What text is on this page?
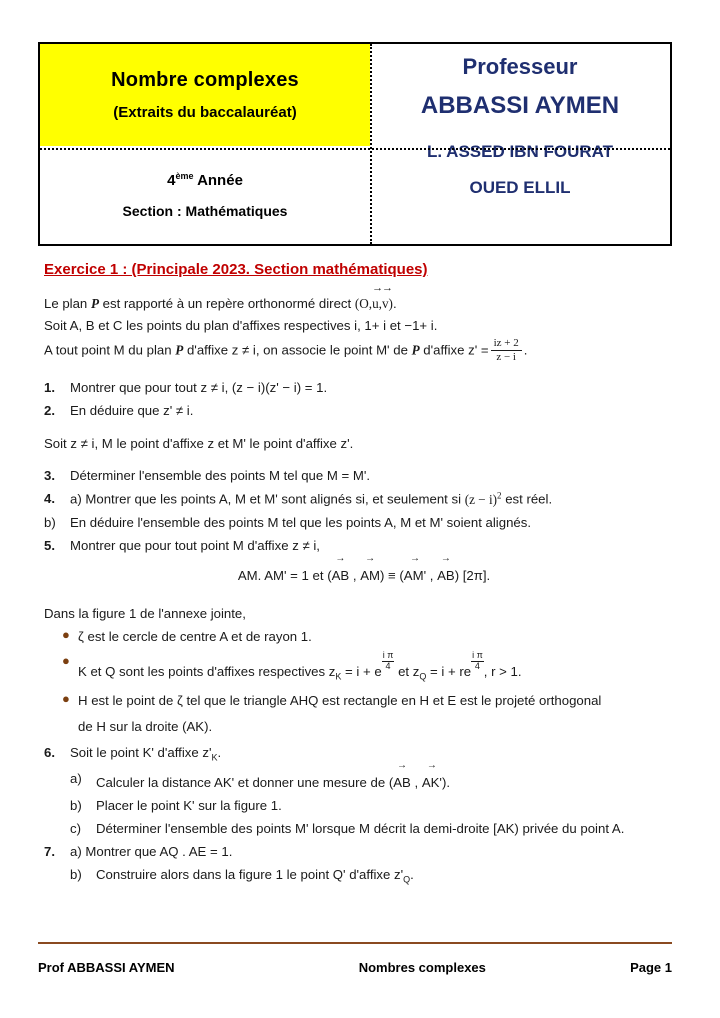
Nombre complexes
(Extraits du baccalauréat)
4ème Année
Section : Mathématiques
Professeur
ABBASSI AYMEN
L. ASSED IBN FOURAT
OUED ELLIL
Exercice 1 : (Principale 2023. Section mathématiques)

Le plan P est rapporté à un repère orthonormé direct (O,→ u,→ v).

Soit A, B et C les points du plan d'affixes respectives i, 1+ i et −1+ i.

A tout point M du plan P d'affixe z ≠ i, on associe le point M' de P d'affixe $z' = \frac{iz + 2}{z - i}$ .

1. Montrer que pour tout z ≠ i, (z − i)(z' − i) = 1.
2. En déduire que z' ≠ i.

Soit z ≠ i, M le point d'affixe z et M' le point d'affixe z'.

3. Déterminer l'ensemble des points M tel que M = M'.
4. a) Montrer que les points A, M et M' sont alignés si, et seulement si $(z - i)^2$ est réel.
b) En déduire l'ensemble des points M tel que les points A, M et M' soient alignés.
5. Montrer que pour tout point M d'affixe z ≠ i,
AM. AM' = 1 et (→ AB , → AM) ≡ (→ AM' , → AB) [2π].

Dans la figure 1 de l'annexe jointe,

● ζ est le cercle de centre A et de rayon 1.
●
K et Q sont les points d'affixes respectives $z_K = i + e$
$\frac{\text{i π}}{4}$
et $z_Q = i$ + re
$\frac{\text{i π}}{4}$
, r > 1.
● H est le point de ζ tel que le triangle AHQ est rectangle en H et E est le projeté orthogonal
de H sur la droite (AK).
6. Soit le point K' d'affixe $z'_K$.
a) Calculer la distance AK' et donner une mesure de (→ AB , → AK').
b) Placer le point K' sur la figure 1.
c) Déterminer l'ensemble des points M' lorsque M décrit la demi-droite [AK) privée du point A.
7. a) Montrer que AQ . AE = 1.
b) Construire alors dans la figure 1 le point Q' d'affixe $z'_Q$.
Prof ABBASSI AYMEN	Nombres complexes	Page 1
